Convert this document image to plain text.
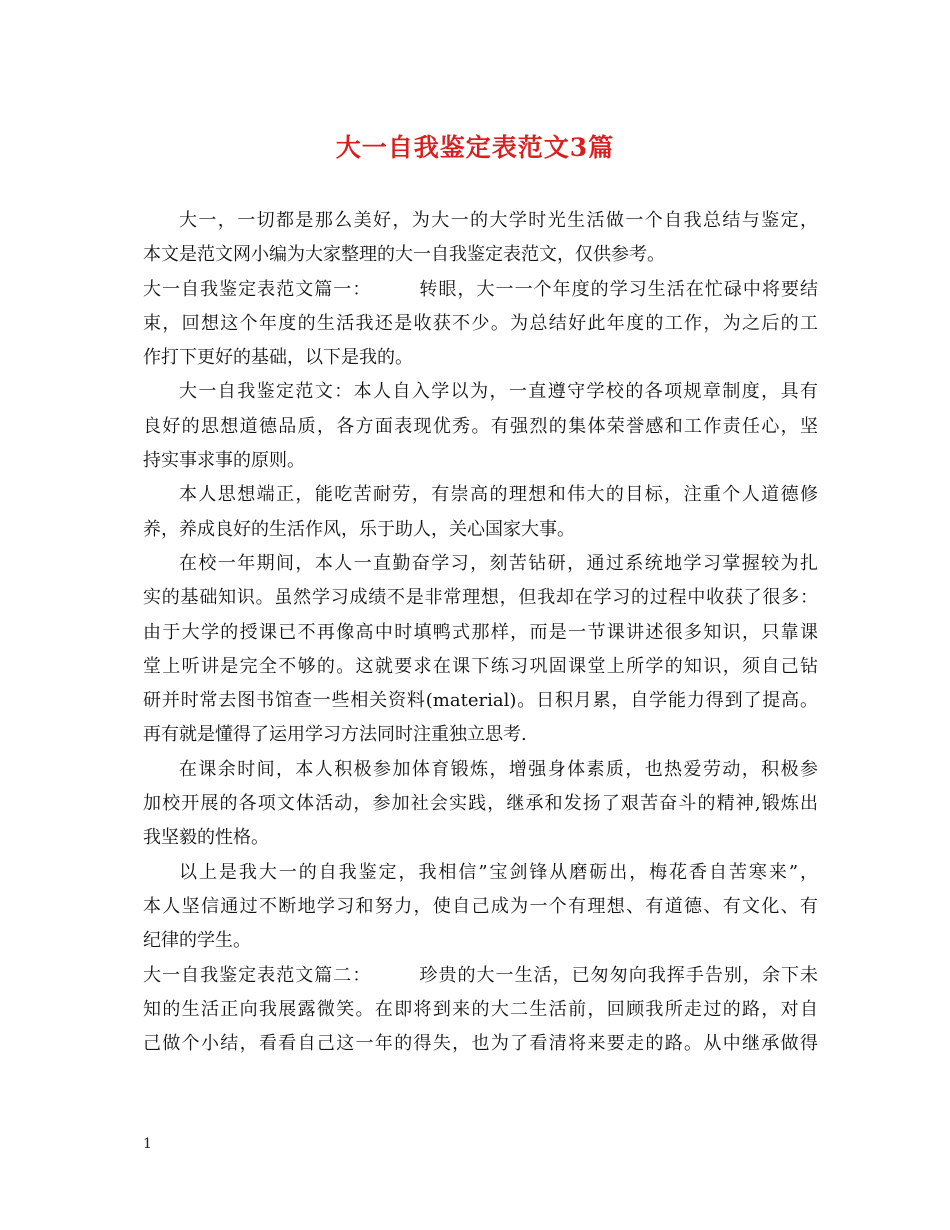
大一自我鉴定表范文3篇
大一，一切都是那么美好，为大一的大学时光生活做一个自我总结与鉴定，
本文是范文网小编为大家整理的大一自我鉴定表范文，仅供参考。
大一自我鉴定表范文篇一：　　　转眼，大一一个年度的学习生活在忙碌中将要结
束，回想这个年度的生活我还是收获不少。为总结好此年度的工作，为之后的工
作打下更好的基础，以下是我的。
大一自我鉴定范文：本人自入学以为，一直遵守学校的各项规章制度，具有
良好的思想道德品质，各方面表现优秀。有强烈的集体荣誉感和工作责任心，坚
持实事求事的原则。
本人思想端正，能吃苦耐劳，有崇高的理想和伟大的目标，注重个人道德修
养，养成良好的生活作风，乐于助人，关心国家大事。
在校一年期间，本人一直勤奋学习，刻苦钻研，通过系统地学习掌握较为扎
实的基础知识。虽然学习成绩不是非常理想，但我却在学习的过程中收获了很多：
由于大学的授课已不再像高中时填鸭式那样，而是一节课讲述很多知识，只靠课
堂上听讲是完全不够的。这就要求在课下练习巩固课堂上所学的知识，须自己钻
研并时常去图书馆查一些相关资料(material)。日积月累，自学能力得到了提高。
再有就是懂得了运用学习方法同时注重独立思考.
在课余时间，本人积极参加体育锻炼，增强身体素质，也热爱劳动，积极参
加校开展的各项文体活动，参加社会实践，继承和发扬了艰苦奋斗的精神,锻炼出
我坚毅的性格。
以上是我大一的自我鉴定，我相信”宝剑锋从磨砺出，梅花香自苦寒来”，
本人坚信通过不断地学习和努力，使自己成为一个有理想、有道德、有文化、有
纪律的学生。
大一自我鉴定表范文篇二：　　　珍贵的大一生活，已匆匆向我挥手告别，余下未
知的生活正向我展露微笑。在即将到来的大二生活前，回顾我所走过的路，对自
己做个小结，看看自己这一年的得失，也为了看清将来要走的路。从中继承做得
1
